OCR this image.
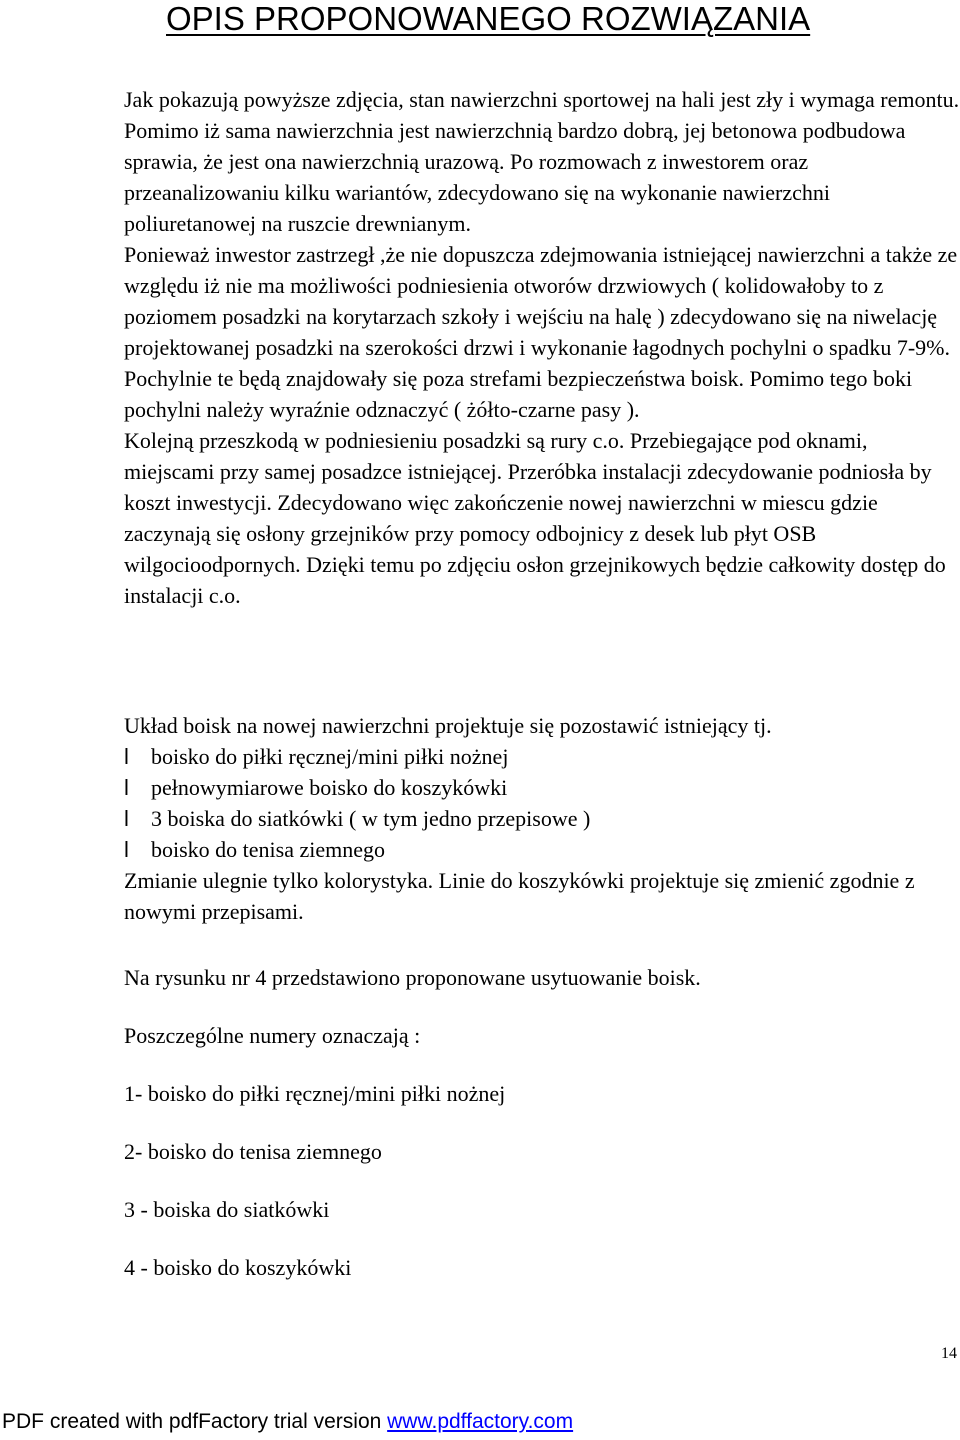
OPIS PROPONOWANEGO ROZWIĄZANIA

Jak pokazują powyższe zdjęcia, stan nawierzchni sportowej na hali jest zły i wymaga remontu. Pomimo iż sama nawierzchnia jest nawierzchnią bardzo dobrą, jej betonowa podbudowa sprawia, że jest ona nawierzchnią urazową. Po rozmowach z inwestorem oraz przeanalizowaniu kilku wariantów, zdecydowano się na wykonanie nawierzchni poliuretanowej na ruszcie drewnianym.

Ponieważ inwestor zastrzegł ,że nie dopuszcza zdejmowania istniejącej nawierzchni a także ze względu iż nie ma możliwości podniesienia otworów drzwiowych ( kolidowałoby to z poziomem posadzki na korytarzach szkoły i wejściu na halę ) zdecydowano się na niwelację projektowanej posadzki na szerokości drzwi i wykonanie łagodnych pochylni o spadku 7-9%. Pochylnie te będą znajdowały się poza strefami bezpieczeństwa boisk. Pomimo tego boki pochylni należy wyraźnie odznaczyć ( żółto-czarne pasy ).

Kolejną przeszkodą w podniesieniu posadzki są rury c.o. Przebiegające pod oknami, miejscami przy samej posadzce istniejącej. Przeróbka instalacji zdecydowanie podniosła by koszt inwestycji. Zdecydowano więc zakończenie nowej nawierzchni w miescu gdzie zaczynają się osłony grzejników przy pomocy odbojnicy z desek lub płyt OSB wilgocioodpornych. Dzięki temu po zdjęciu osłon grzejnikowych będzie całkowity dostęp do instalacji c.o.

Układ boisk na nowej nawierzchni projektuje się pozostawić istniejący tj.

l	boisko do piłki ręcznej/mini piłki nożnej
l	pełnowymiarowe boisko do koszykówki
l	3 boiska do siatkówki ( w tym jedno przepisowe )
l	boisko do tenisa ziemnego

Zmianie ulegnie tylko kolorystyka. Linie do koszykówki projektuje się zmienić zgodnie z nowymi przepisami.

Na rysunku nr 4 przedstawiono proponowane usytuowanie boisk.
Poszczególne numery oznaczają :
1- boisko do piłki ręcznej/mini piłki nożnej
2- boisko do tenisa ziemnego
3 - boiska do siatkówki
4 - boisko do koszykówki
14
PDF created with pdfFactory trial version www.pdffactory.com
